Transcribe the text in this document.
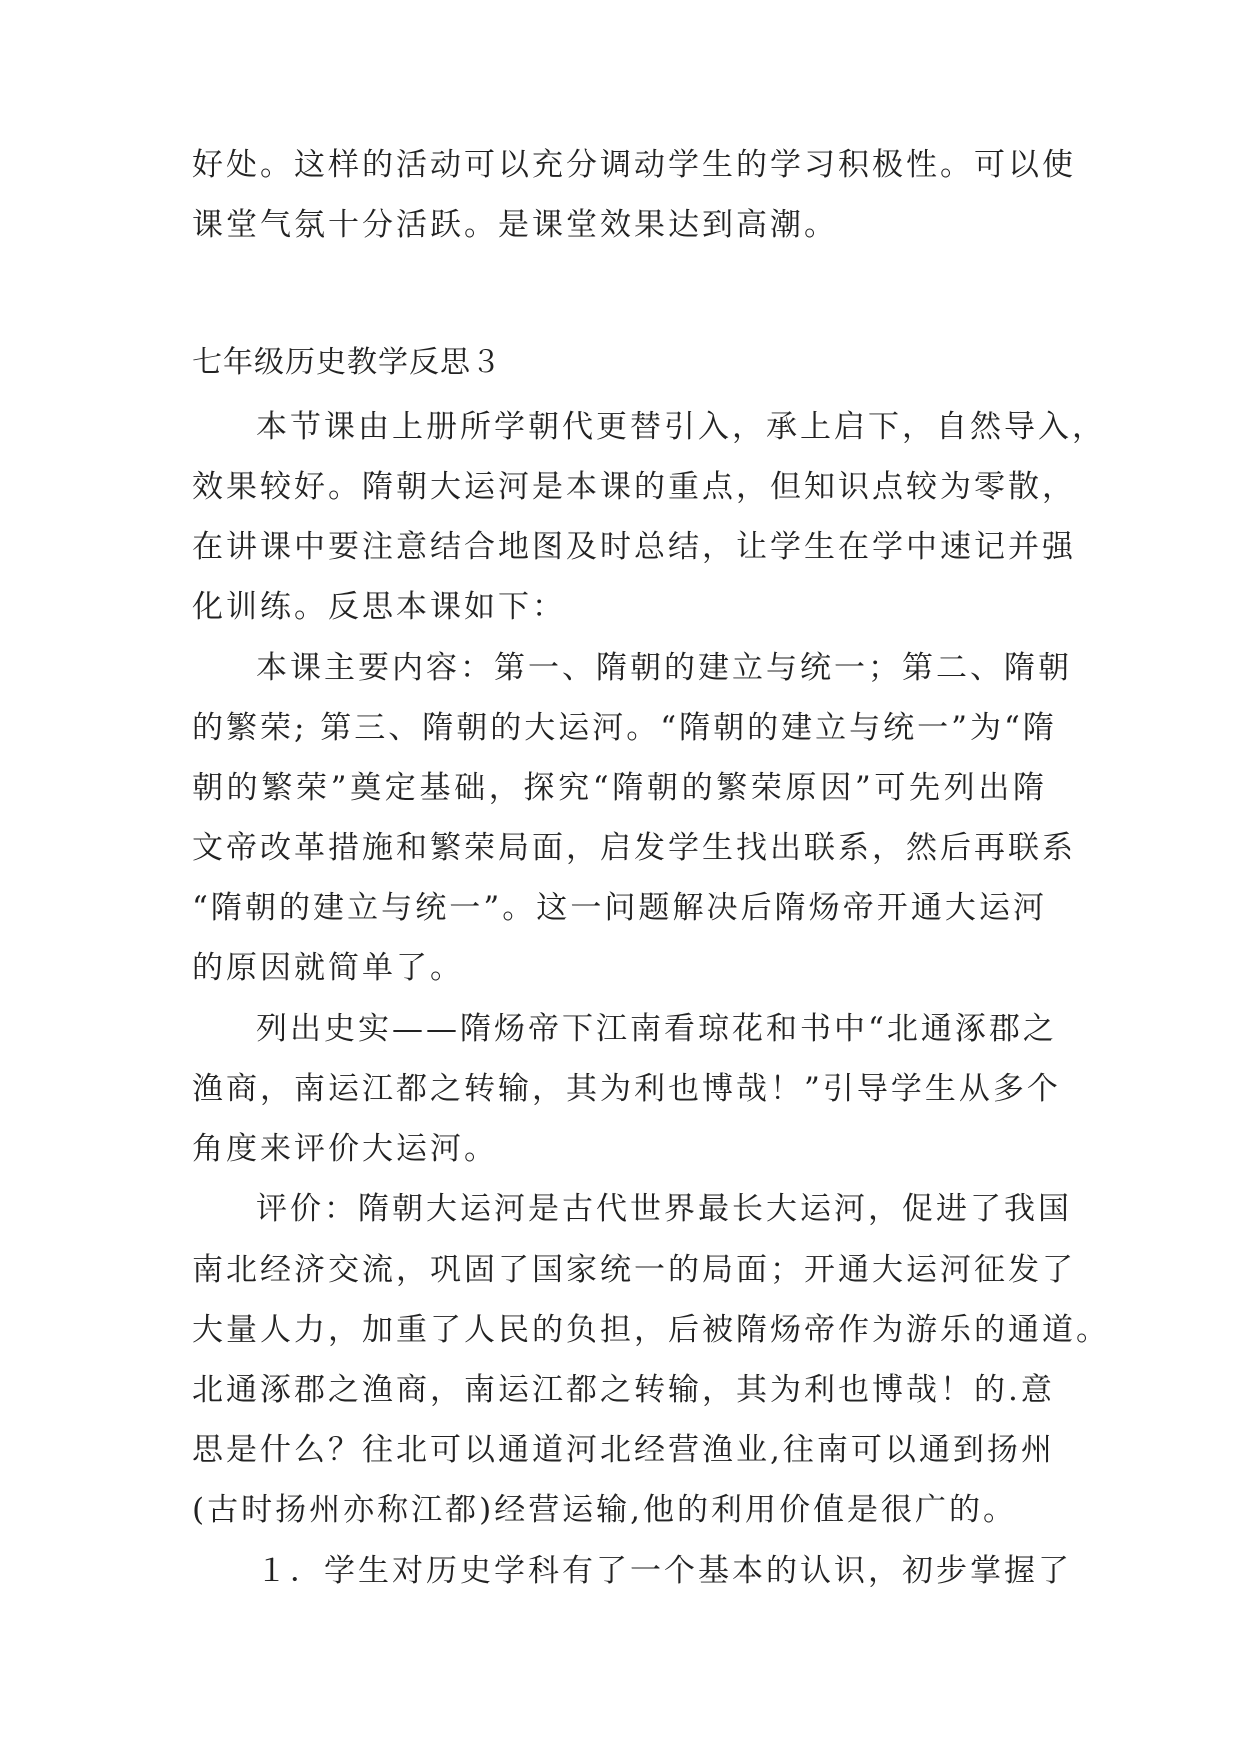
好处。这样的活动可以充分调动学生的学习积极性。可以使
课堂气氛十分活跃。是课堂效果达到高潮。
七年级历史教学反思３
本节课由上册所学朝代更替引入，承上启下，自然导入，
效果较好。隋朝大运河是本课的重点，但知识点较为零散，
在讲课中要注意结合地图及时总结，让学生在学中速记并强
化训练。反思本课如下：
本课主要内容：第一、隋朝的建立与统一；第二、隋朝
的繁荣; 第三、隋朝的大运河。“隋朝的建立与统一”为“隋
朝的繁荣”奠定基础，探究“隋朝的繁荣原因”可先列出隋
文帝改革措施和繁荣局面，启发学生找出联系，然后再联系
“隋朝的建立与统一”。这一问题解决后隋炀帝开通大运河
的原因就简单了。
列出史实——隋炀帝下江南看琼花和书中“北通涿郡之
渔商，南运江都之转输，其为利也博哉！”引导学生从多个
角度来评价大运河。
评价：隋朝大运河是古代世界最长大运河，促进了我国
南北经济交流，巩固了国家统一的局面；开通大运河征发了
大量人力，加重了人民的负担，后被隋炀帝作为游乐的通道。
北通涿郡之渔商，南运江都之转输，其为利也博哉！的.意
思是什么？往北可以通道河北经营渔业,往南可以通到扬州
(古时扬州亦称江都)经营运输,他的利用价值是很广的。
１．学生对历史学科有了一个基本的认识，初步掌握了
